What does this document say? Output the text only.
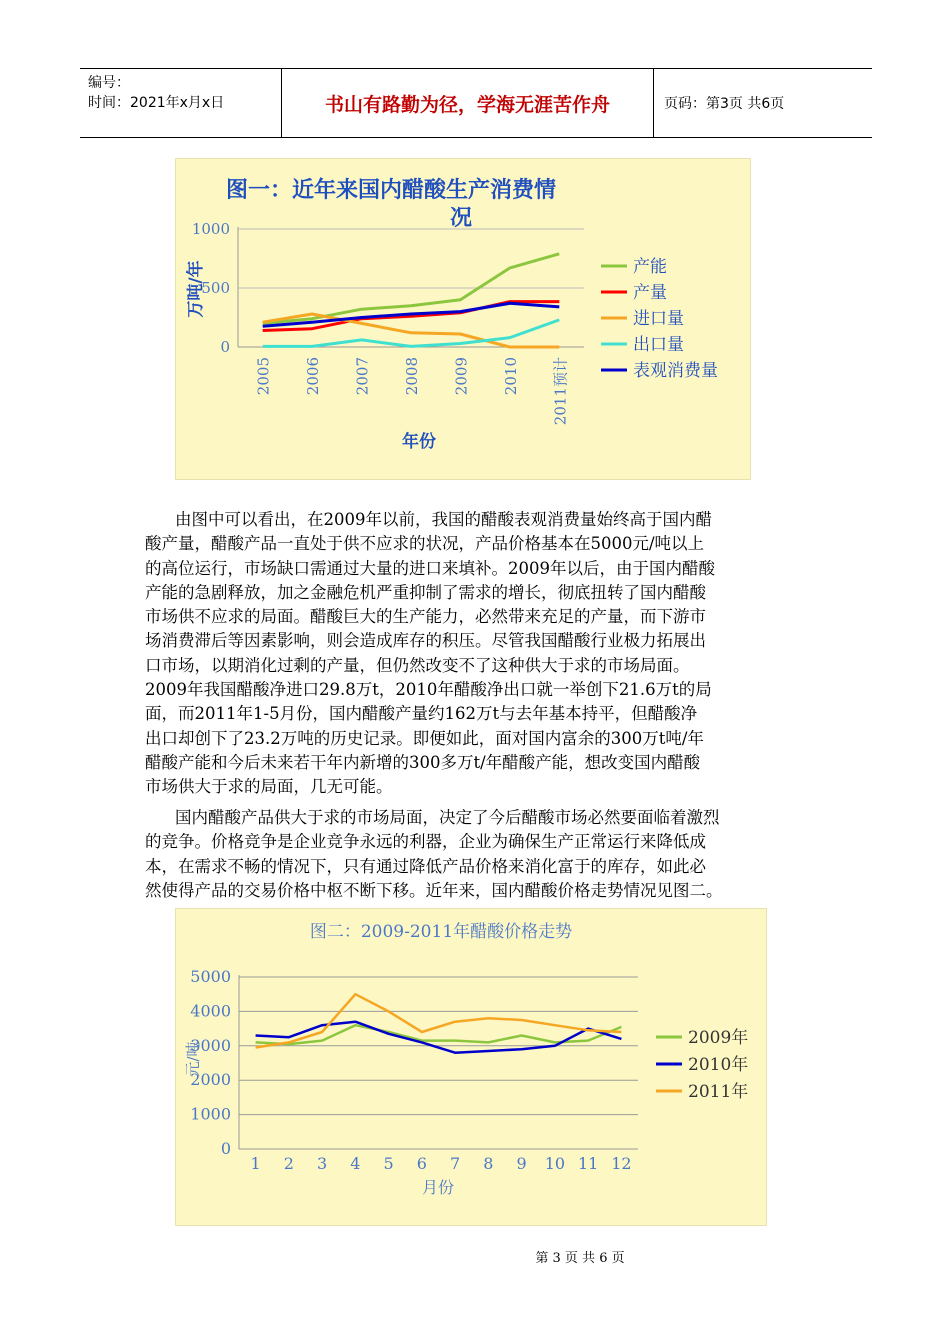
编号：
时间：2021年x月x日	书山有路勤为径，学海无涯苦作舟	页码：第3页 共6页
图一：近年来国内醋酸生产消费情
况
万吨/年
年份
0
500
1000
2005 2006 2007 2008 2009 2010 2011预计
产能
产量
进口量
出口量
表观消费量
由图中可以看出，在2009年以前，我国的醋酸表观消费量始终高于国内醋
酸产量，醋酸产品一直处于供不应求的状况，产品价格基本在5000元/吨以上
的高位运行，市场缺口需通过大量的进口来填补。2009年以后，由于国内醋酸
产能的急剧释放，加之金融危机严重抑制了需求的增长，彻底扭转了国内醋酸
市场供不应求的局面。醋酸巨大的生产能力，必然带来充足的产量，而下游市
场消费滞后等因素影响，则会造成库存的积压。尽管我国醋酸行业极力拓展出
口市场，以期消化过剩的产量，但仍然改变不了这种供大于求的市场局面。
2009年我国醋酸净进口29.8万t，2010年醋酸净出口就一举创下21.6万t的局
面，而2011年1-5月份，国内醋酸产量约162万t与去年基本持平，但醋酸净
出口却创下了23.2万吨的历史记录。即便如此，面对国内富余的300万t吨/年
醋酸产能和今后未来若干年内新增的300多万t/年醋酸产能，想改变国内醋酸
市场供大于求的局面，几无可能。
国内醋酸产品供大于求的市场局面，决定了今后醋酸市场必然要面临着激烈
的竞争。价格竞争是企业竞争永远的利器，企业为确保生产正常运行来降低成
本，在需求不畅的情况下，只有通过降低产品价格来消化富于的库存，如此必
然使得产品的交易价格中枢不断下移。近年来，国内醋酸价格走势情况见图二。
图二：2009-2011年醋酸价格走势
元/吨
月份
0
1000
2000
3000
4000
5000
1 2 3 4 5 6 7 8 9 10 11 12
2009年
2010年
2011年
第 3 页 共 6 页
